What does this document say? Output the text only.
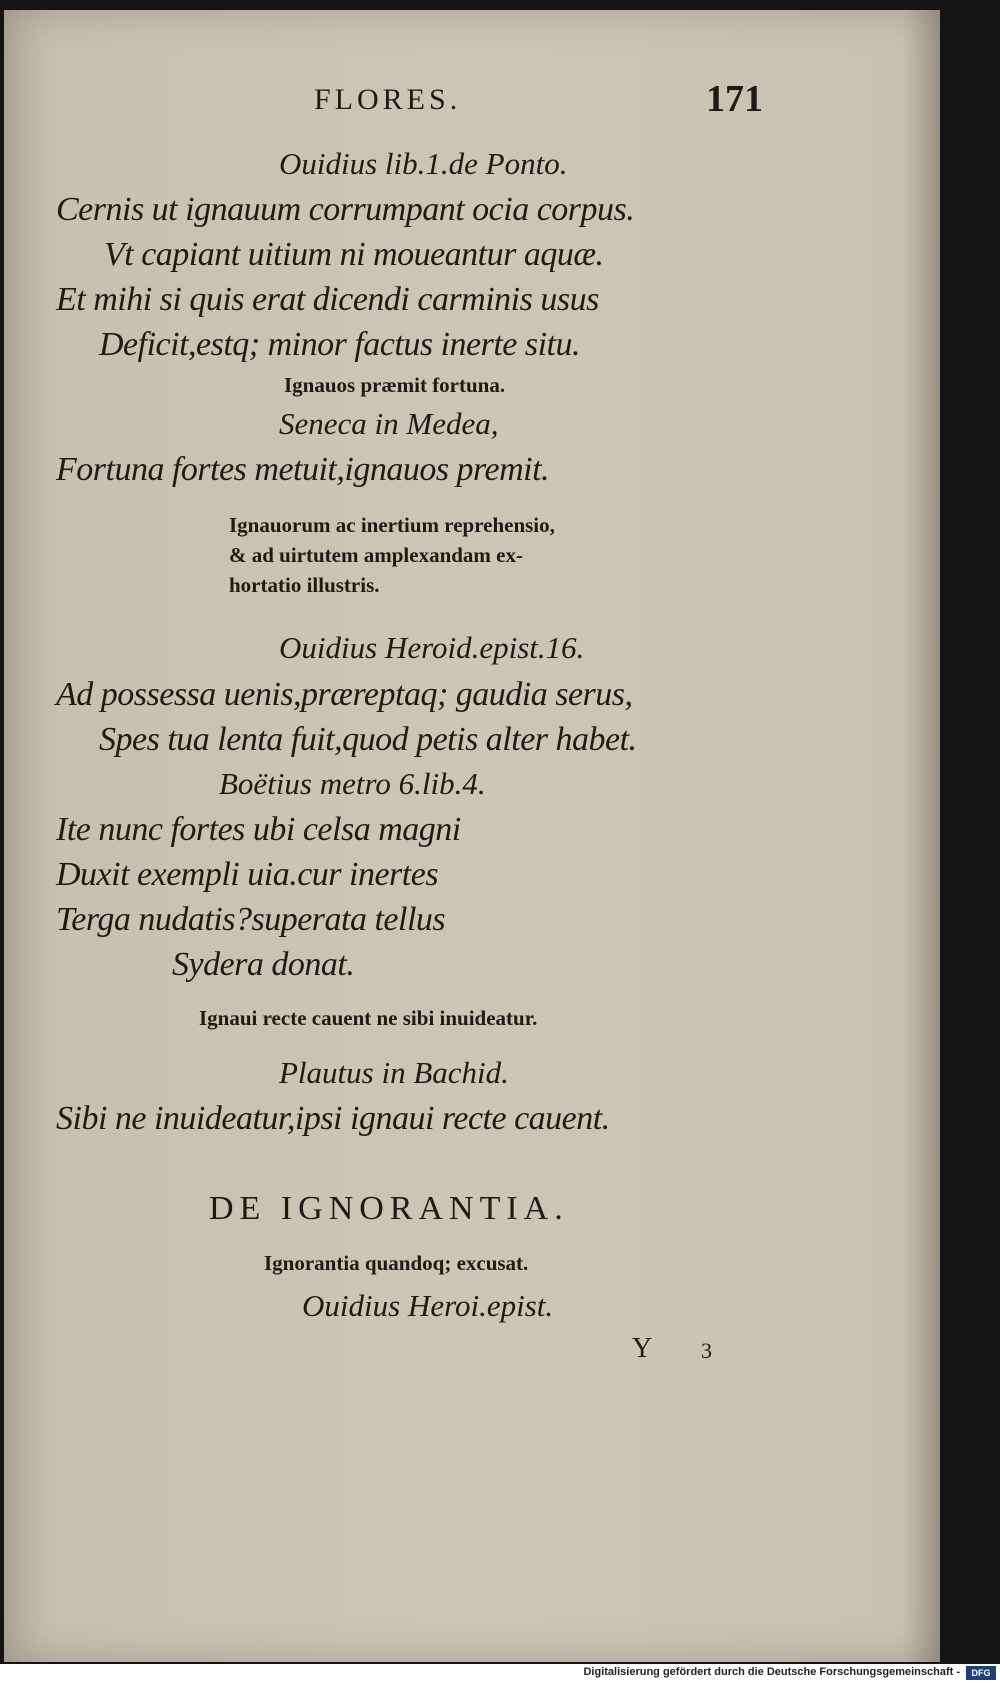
FLORES.	171
Ouidius lib.1.de Ponto.
Cernis ut ignauum corrumpant ocia corpus.
Vt capiant uitium ni moueantur aquæ.
Et mihi si quis erat dicendi carminis usus
Deficit,estq; minor factus inerte situ.
Ignauos præmit fortuna.
Seneca in Medea,
Fortuna fortes metuit,ignauos premit.
Ignauorum ac inertium reprehensio,
& ad uirtutem amplexandam ex-
hortatio illustris.
Ouidius Heroid.epist.16.
Ad possessa uenis,præreptaq; gaudia serus,
Spes tua lenta fuit,quod petis alter habet.
Boëtius metro 6.lib.4.
Ite nunc fortes ubi celsa magni
Duxit exempli uia.cur inertes
Terga nudatis?superata tellus
Sydera donat.
Ignaui recte cauent ne sibi inuideatur.
Plautus in Bachid.
Sibi ne inuideatur,ipsi ignaui recte cauent.
DE IGNORANTIA.
Ignorantia quandoq; excusat.
Ouidius Heroi.epist.
Y 3
Digitalisierung gefördert durch die Deutsche Forschungsgemeinschaft -	DFG
